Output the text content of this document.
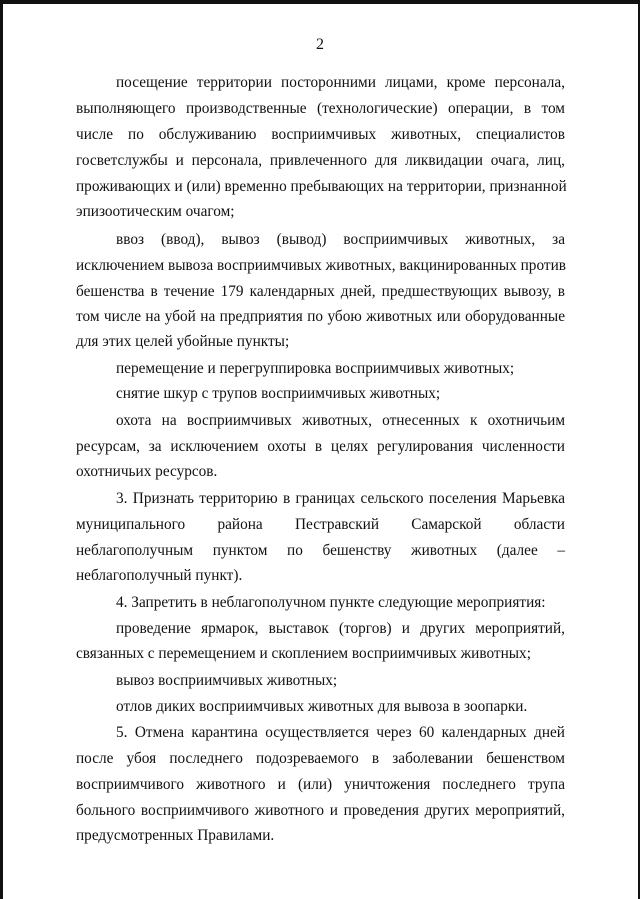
2
посещение территории посторонними лицами, кроме персонала,
выполняющего производственные (технологические) операции, в том
числе по обслуживанию восприимчивых животных, специалистов
госветслужбы и персонала, привлеченного для ликвидации очага, лиц,
проживающих и (или) временно пребывающих на территории, признанной
эпизоотическим очагом;
ввоз (ввод), вывоз (вывод) восприимчивых животных, за
исключением вывоза восприимчивых животных, вакцинированных против
бешенства в течение 179 календарных дней, предшествующих вывозу, в
том числе на убой на предприятия по убою животных или оборудованные
для этих целей убойные пункты;
перемещение и перегруппировка восприимчивых животных;
снятие шкур с трупов восприимчивых животных;
охота на восприимчивых животных, отнесенных к охотничьим
ресурсам, за исключением охоты в целях регулирования численности
охотничьих ресурсов.
3. Признать территорию в границах сельского поселения Марьевка
муниципального района Пестравский Самарской области
неблагополучным пунктом по бешенству животных (далее –
неблагополучный пункт).
4. Запретить в неблагополучном пункте следующие мероприятия:
проведение ярмарок, выставок (торгов) и других мероприятий,
связанных с перемещением и скоплением восприимчивых животных;
вывоз восприимчивых животных;
отлов диких восприимчивых животных для вывоза в зоопарки.
5. Отмена карантина осуществляется через 60 календарных дней
после убоя последнего подозреваемого в заболевании бешенством
восприимчивого животного и (или) уничтожения последнего трупа
больного восприимчивого животного и проведения других мероприятий,
предусмотренных Правилами.
